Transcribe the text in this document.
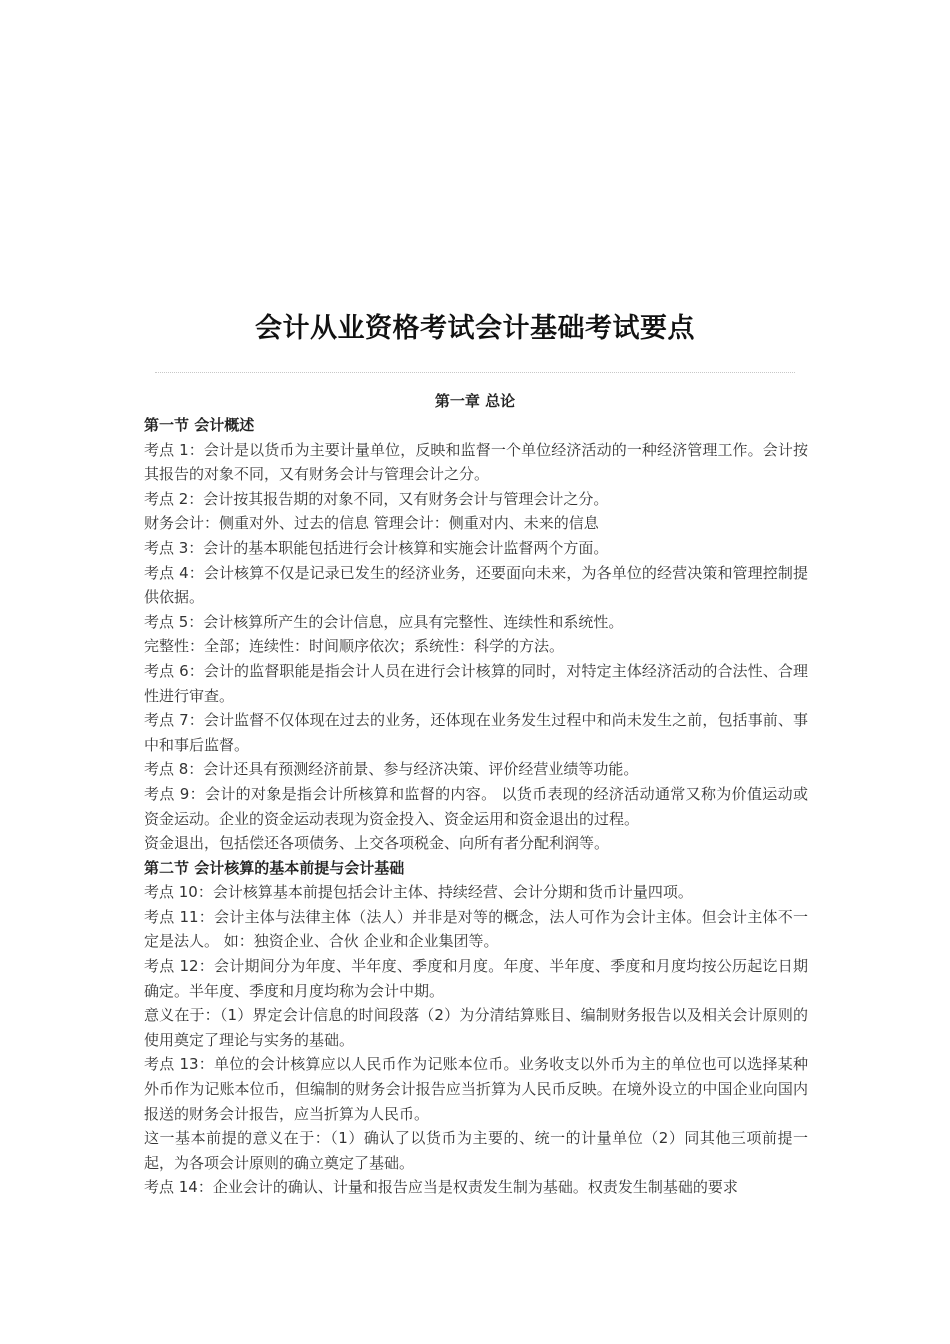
会计从业资格考试会计基础考试要点
第一章 总论

第一节 会计概述

考点 1：会计是以货币为主要计量单位，反映和监督一个单位经济活动的一种经济管理工作。会计按其报告的对象不同，又有财务会计与管理会计之分。

考点 2：会计按其报告期的对象不同，又有财务会计与管理会计之分。

财务会计：侧重对外、过去的信息 管理会计：侧重对内、未来的信息

考点 3：会计的基本职能包括进行会计核算和实施会计监督两个方面。

考点 4：会计核算不仅是记录已发生的经济业务，还要面向未来，为各单位的经营决策和管理控制提供依据。

考点 5：会计核算所产生的会计信息，应具有完整性、连续性和系统性。

完整性：全部；连续性：时间顺序依次；系统性：科学的方法。

考点 6：会计的监督职能是指会计人员在进行会计核算的同时，对特定主体经济活动的合法性、合理性进行审查。

考点 7：会计监督不仅体现在过去的业务，还体现在业务发生过程中和尚未发生之前，包括事前、事中和事后监督。

考点 8：会计还具有预测经济前景、参与经济决策、评价经营业绩等功能。

考点 9：会计的对象是指会计所核算和监督的内容。 以货币表现的经济活动通常又称为价值运动或资金运动。企业的资金运动表现为资金投入、资金运用和资金退出的过程。

资金退出，包括偿还各项债务、上交各项税金、向所有者分配利润等。

第二节 会计核算的基本前提与会计基础

考点 10：会计核算基本前提包括会计主体、持续经营、会计分期和货币计量四项。

考点 11：会计主体与法律主体（法人）并非是对等的概念，法人可作为会计主体。但会计主体不一定是法人。 如：独资企业、合伙 企业和企业集团等。

考点 12：会计期间分为年度、半年度、季度和月度。年度、半年度、季度和月度均按公历起讫日期确定。半年度、季度和月度均称为会计中期。

意义在于：（1）界定会计信息的时间段落（2）为分清结算账目、编制财务报告以及相关会计原则的使用奠定了理论与实务的基础。

考点 13：单位的会计核算应以人民币作为记账本位币。业务收支以外币为主的单位也可以选择某种外币作为记账本位币，但编制的财务会计报告应当折算为人民币反映。在境外设立的中国企业向国内报送的财务会计报告，应当折算为人民币。

这一基本前提的意义在于：（1）确认了以货币为主要的、统一的计量单位（2）同其他三项前提一起，为各项会计原则的确立奠定了基础。

考点 14：企业会计的确认、计量和报告应当是权责发生制为基础。权责发生制基础的要求
